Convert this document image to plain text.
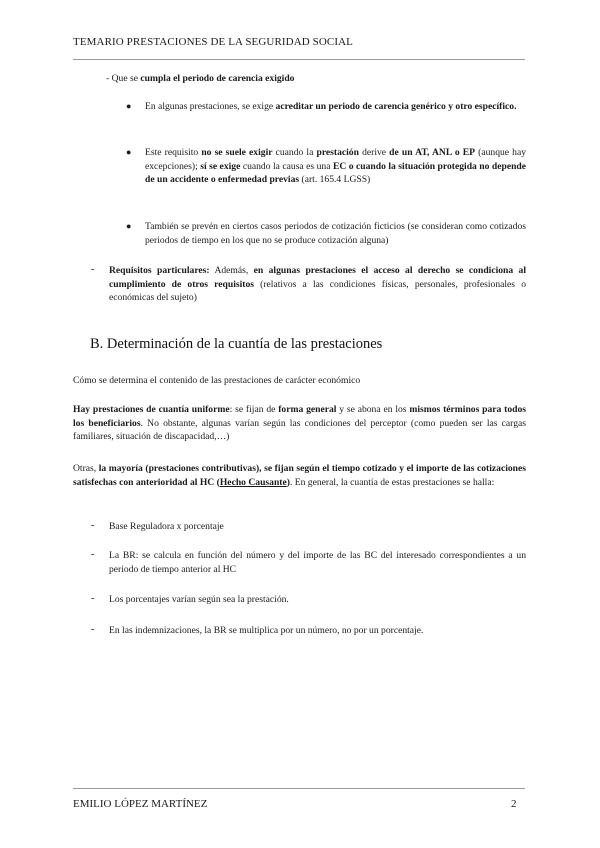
TEMARIO PRESTACIONES DE LA SEGURIDAD SOCIAL
- Que se cumpla el periodo de carencia exigido
● En algunas prestaciones, se exige acreditar un periodo de carencia genérico y otro específico.
● Este requisito no se suele exigir cuando la prestación derive de un AT, ANL o EP (aunque hay excepciones); sí se exige cuando la causa es una EC o cuando la situación protegida no depende de un accidente o enfermedad previas (art. 165.4 LGSS)
● También se prevén en ciertos casos periodos de cotización ficticios (se consideran como cotizados periodos de tiempo en los que no se produce cotización alguna)
- Requisitos particulares: Además, en algunas prestaciones el acceso al derecho se condiciona al cumplimiento de otros requisitos (relativos a las condiciones físicas, personales, profesionales o económicas del sujeto)
B. Determinación de la cuantía de las prestaciones
Cómo se determina el contenido de las prestaciones de carácter económico
Hay prestaciones de cuantía uniforme: se fijan de forma general y se abona en los mismos términos para todos los beneficiarios. No obstante, algunas varían según las condiciones del perceptor (como pueden ser las cargas familiares, situación de discapacidad,…)
Otras, la mayoría (prestaciones contributivas), se fijan según el tiempo cotizado y el importe de las cotizaciones satisfechas con anterioridad al HC (Hecho Causante). En general, la cuantía de estas prestaciones se halla:
- Base Reguladora x porcentaje
- La BR: se calcula en función del número y del importe de las BC del interesado correspondientes a un periodo de tiempo anterior al HC
- Los porcentajes varían según sea la prestación.
- En las indemnizaciones, la BR se multiplica por un número, no por un porcentaje.
EMILIO LÓPEZ MARTÍNEZ	2
